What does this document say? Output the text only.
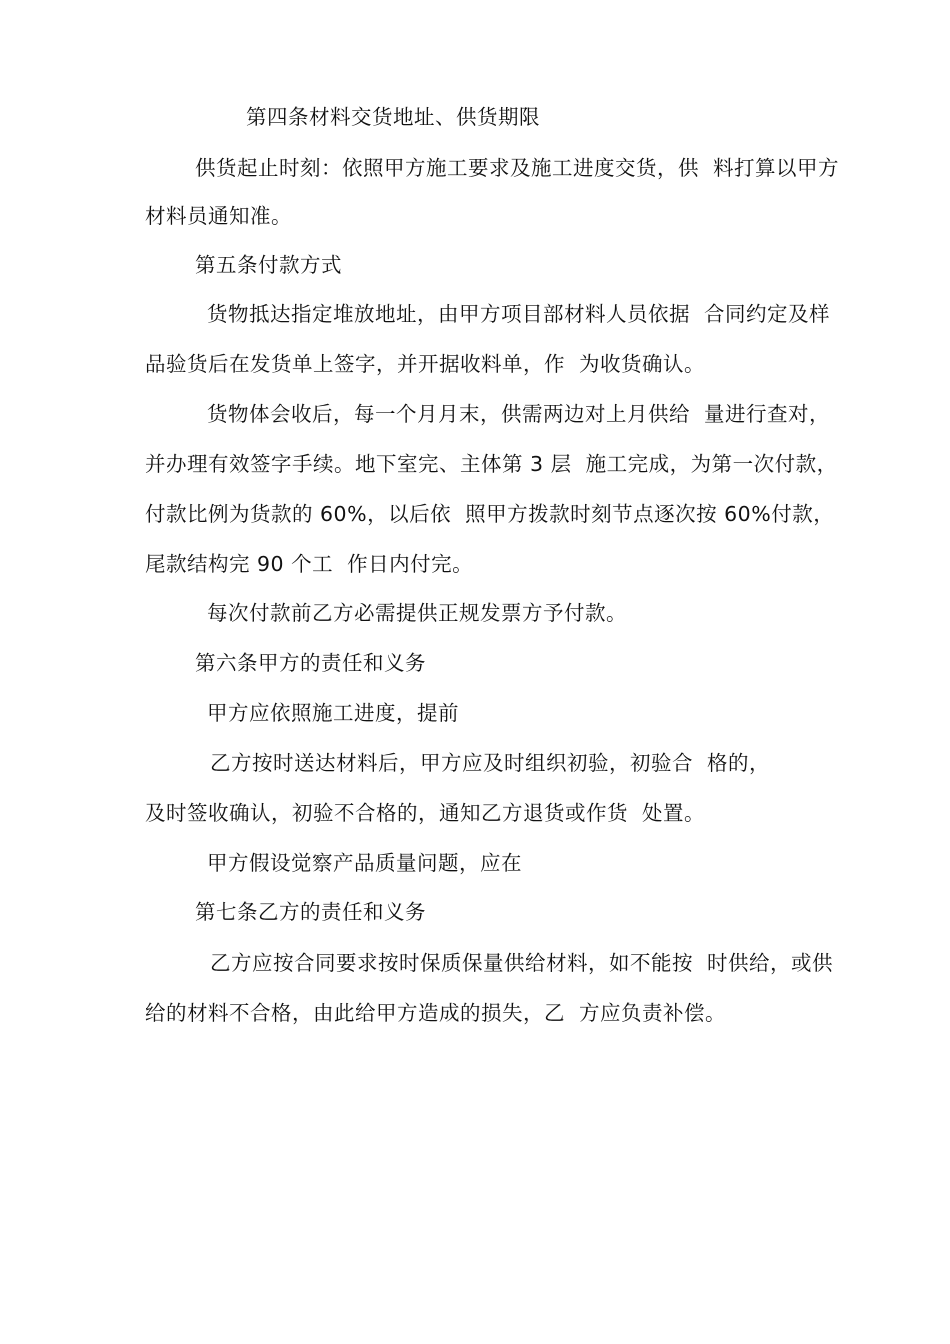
第四条材料交货地址、供货期限
供货起止时刻：依照甲方施工要求及施工进度交货，供  料打算以甲方
材料员通知准。
第五条付款方式
货物抵达指定堆放地址，由甲方项目部材料人员依据  合同约定及样
品验货后在发货单上签字，并开据收料单，作  为收货确认。
货物体会收后，每一个月月末，供需两边对上月供给  量进行查对，
并办理有效签字手续。地下室完、主体第 3 层  施工完成，为第一次付款，
付款比例为货款的 60%，以后依  照甲方拨款时刻节点逐次按 60%付款，
尾款结构完 90 个工  作日内付完。
每次付款前乙方必需提供正规发票方予付款。
第六条甲方的责任和义务
甲方应依照施工进度，提前
乙方按时送达材料后，甲方应及时组织初验，初验合  格的，
及时签收确认，初验不合格的，通知乙方退货或作货  处置。
甲方假设觉察产品质量问题，应在
第七条乙方的责任和义务
乙方应按合同要求按时保质保量供给材料，如不能按  时供给，或供
给的材料不合格，由此给甲方造成的损失，乙  方应负责补偿。
